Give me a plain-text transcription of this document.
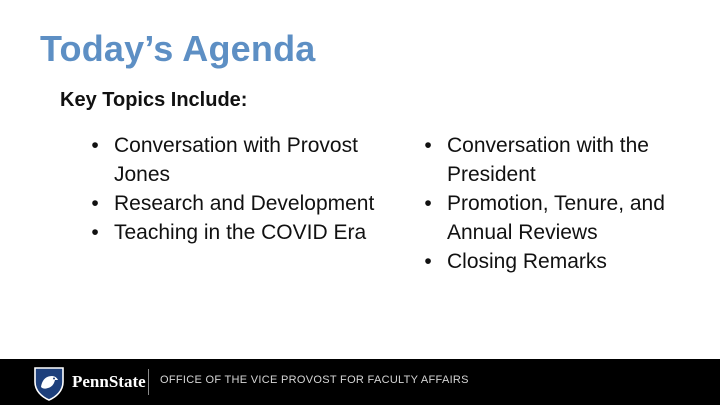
Today’s Agenda
Key Topics Include:
• Conversation with Provost Jones
• Research and Development
• Teaching in the COVID Era
• Conversation with the President
• Promotion, Tenure, and Annual Reviews
• Closing Remarks
PennState OFFICE OF THE VICE PROVOST FOR FACULTY AFFAIRS
